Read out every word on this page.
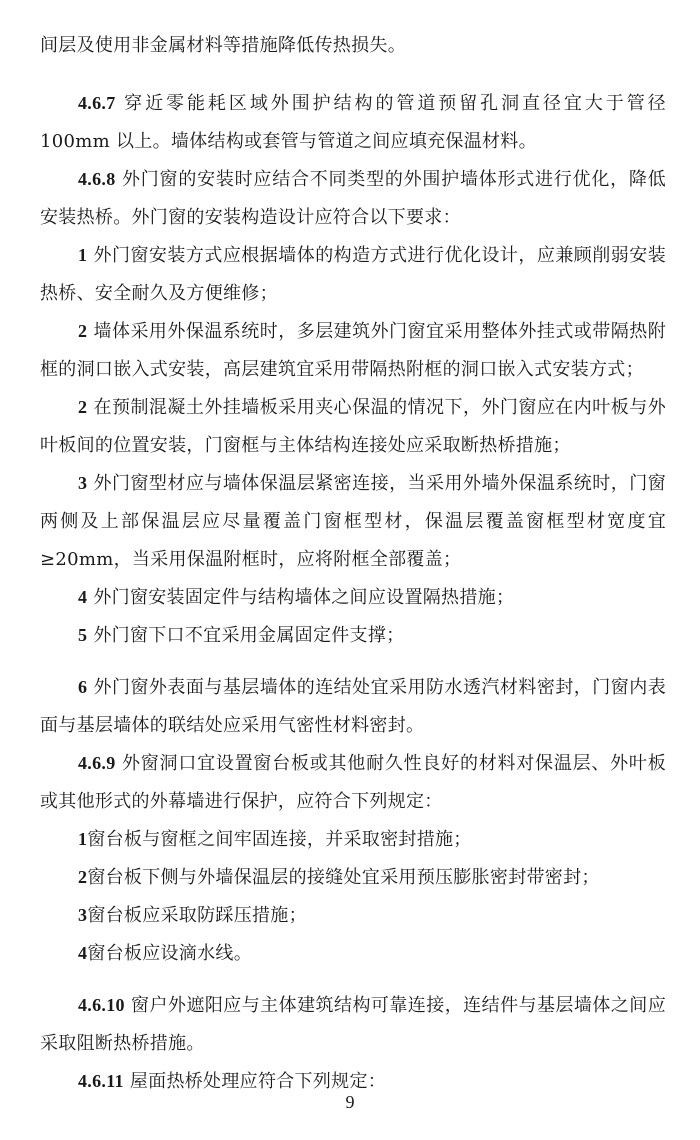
间层及使用非金属材料等措施降低传热损失。

4.6.7 穿近零能耗区域外围护结构的管道预留孔洞直径宜大于管径 100mm 以上。墙体结构或套管与管道之间应填充保温材料。

4.6.8 外门窗的安装时应结合不同类型的外围护墙体形式进行优化，降低安装热桥。外门窗的安装构造设计应符合以下要求：

1 外门窗安装方式应根据墙体的构造方式进行优化设计，应兼顾削弱安装热桥、安全耐久及方便维修；

2 墙体采用外保温系统时，多层建筑外门窗宜采用整体外挂式或带隔热附框的洞口嵌入式安装，高层建筑宜采用带隔热附框的洞口嵌入式安装方式；

2 在预制混凝土外挂墙板采用夹心保温的情况下，外门窗应在内叶板与外叶板间的位置安装，门窗框与主体结构连接处应采取断热桥措施；

3 外门窗型材应与墙体保温层紧密连接，当采用外墙外保温系统时，门窗两侧及上部保温层应尽量覆盖门窗框型材，保温层覆盖窗框型材宽度宜≥20mm，当采用保温附框时，应将附框全部覆盖；

4 外门窗安装固定件与结构墙体之间应设置隔热措施；

5 外门窗下口不宜采用金属固定件支撑；

6 外门窗外表面与基层墙体的连结处宜采用防水透汽材料密封，门窗内表面与基层墙体的联结处应采用气密性材料密封。

4.6.9 外窗洞口宜设置窗台板或其他耐久性良好的材料对保温层、外叶板或其他形式的外幕墙进行保护，应符合下列规定：

1窗台板与窗框之间牢固连接，并采取密封措施；

2窗台板下侧与外墙保温层的接缝处宜采用预压膨胀密封带密封；

3窗台板应采取防踩压措施；

4窗台板应设滴水线。

4.6.10 窗户外遮阳应与主体建筑结构可靠连接，连结件与基层墙体之间应采取阻断热桥措施。

4.6.11 屋面热桥处理应符合下列规定：

9
